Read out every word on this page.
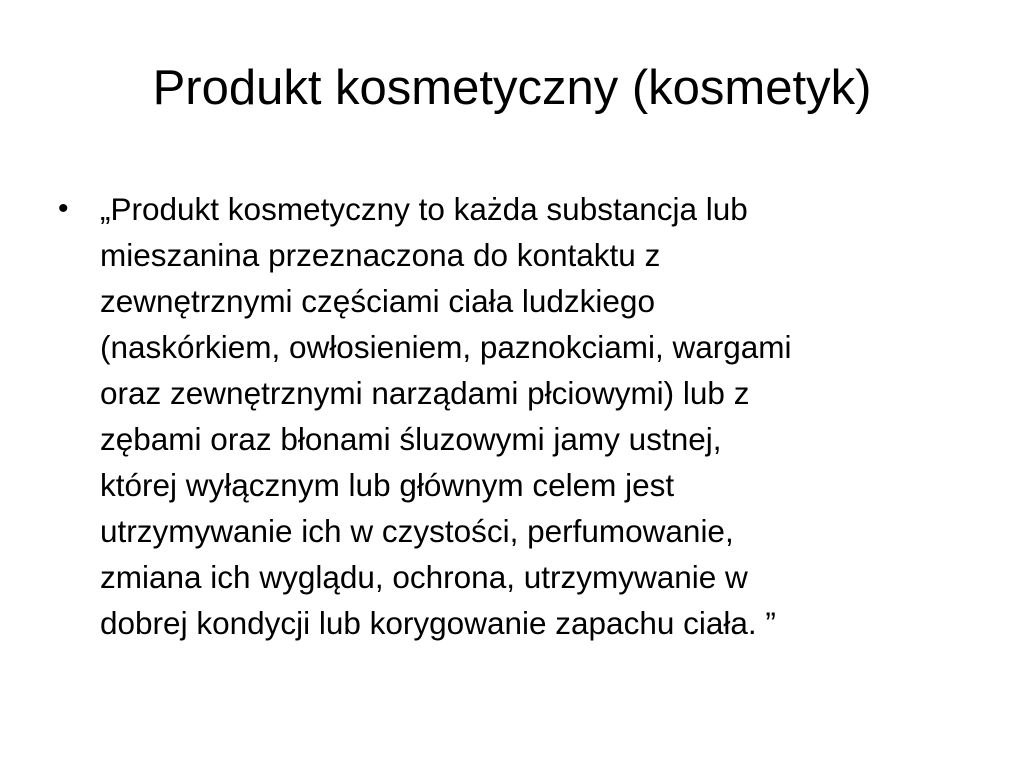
Produkt kosmetyczny (kosmetyk)
• „Produkt kosmetyczny to każda substancja lub
mieszanina przeznaczona do kontaktu z
zewnętrznymi częściami ciała ludzkiego
(naskórkiem, owłosieniem, paznokciami, wargami
oraz zewnętrznymi narządami płciowymi) lub z
zębami oraz błonami śluzowymi jamy ustnej,
której wyłącznym lub głównym celem jest
utrzymywanie ich w czystości, perfumowanie,
zmiana ich wyglądu, ochrona, utrzymywanie w
dobrej kondycji lub korygowanie zapachu ciała. ”
